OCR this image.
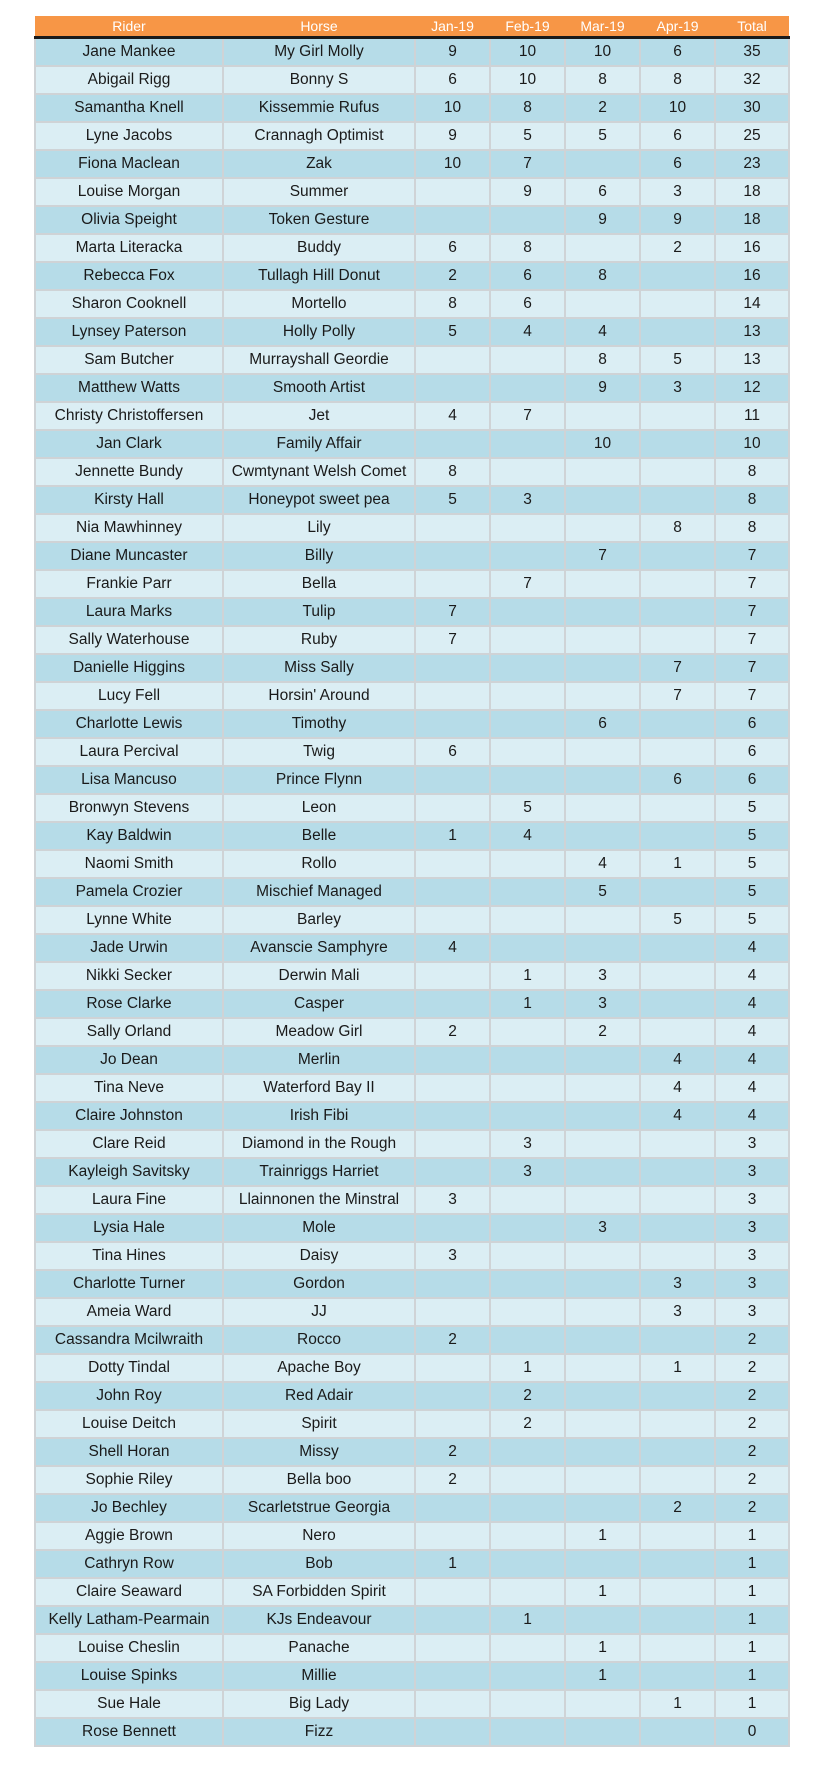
Rider	Horse	Jan-19	Feb-19	Mar-19	Apr-19	Total
Jane Mankee	My Girl Molly	9	10	10	6	35
Abigail Rigg	Bonny S	6	10	8	8	32
Samantha Knell	Kissemmie Rufus	10	8	2	10	30
Lyne Jacobs	Crannagh Optimist	9	5	5	6	25
Fiona Maclean	Zak	10	7		6	23
Louise Morgan	Summer		9	6	3	18
Olivia Speight	Token Gesture			9	9	18
Marta Literacka	Buddy	6	8		2	16
Rebecca Fox	Tullagh Hill Donut	2	6	8		16
Sharon Cooknell	Mortello	8	6			14
Lynsey Paterson	Holly Polly	5	4	4		13
Sam Butcher	Murrayshall Geordie			8	5	13
Matthew Watts	Smooth Artist			9	3	12
Christy Christoffersen	Jet	4	7			11
Jan Clark	Family Affair			10		10
Jennette Bundy	Cwmtynant Welsh Comet	8				8
Kirsty Hall	Honeypot sweet pea	5	3			8
Nia Mawhinney	Lily				8	8
Diane Muncaster	Billy			7		7
Frankie Parr	Bella		7			7
Laura Marks	Tulip	7				7
Sally Waterhouse	Ruby	7				7
Danielle Higgins	Miss Sally				7	7
Lucy Fell	Horsin' Around				7	7
Charlotte Lewis	Timothy			6		6
Laura Percival	Twig	6				6
Lisa Mancuso	Prince Flynn				6	6
Bronwyn Stevens	Leon		5			5
Kay Baldwin	Belle	1	4			5
Naomi Smith	Rollo			4	1	5
Pamela Crozier	Mischief Managed			5		5
Lynne White	Barley				5	5
Jade Urwin	Avanscie Samphyre	4				4
Nikki Secker	Derwin Mali		1	3		4
Rose Clarke	Casper		1	3		4
Sally Orland	Meadow Girl	2		2		4
Jo Dean	Merlin				4	4
Tina Neve	Waterford Bay II				4	4
Claire Johnston	Irish Fibi				4	4
Clare Reid	Diamond in the Rough		3			3
Kayleigh Savitsky	Trainriggs Harriet		3			3
Laura Fine	Llainnonen the Minstral	3				3
Lysia Hale	Mole			3		3
Tina Hines	Daisy	3				3
Charlotte Turner	Gordon				3	3
Ameia Ward	JJ				3	3
Cassandra Mcilwraith	Rocco	2				2
Dotty Tindal	Apache Boy		1		1	2
John Roy	Red Adair		2			2
Louise Deitch	Spirit		2			2
Shell Horan	Missy	2				2
Sophie Riley	Bella boo	2				2
Jo Bechley	Scarletstrue Georgia				2	2
Aggie Brown	Nero			1		1
Cathryn Row	Bob	1				1
Claire Seaward	SA Forbidden Spirit			1		1
Kelly Latham-Pearmain	KJs Endeavour		1			1
Louise Cheslin	Panache			1		1
Louise Spinks	Millie			1		1
Sue Hale	Big Lady				1	1
Rose Bennett	Fizz					0
